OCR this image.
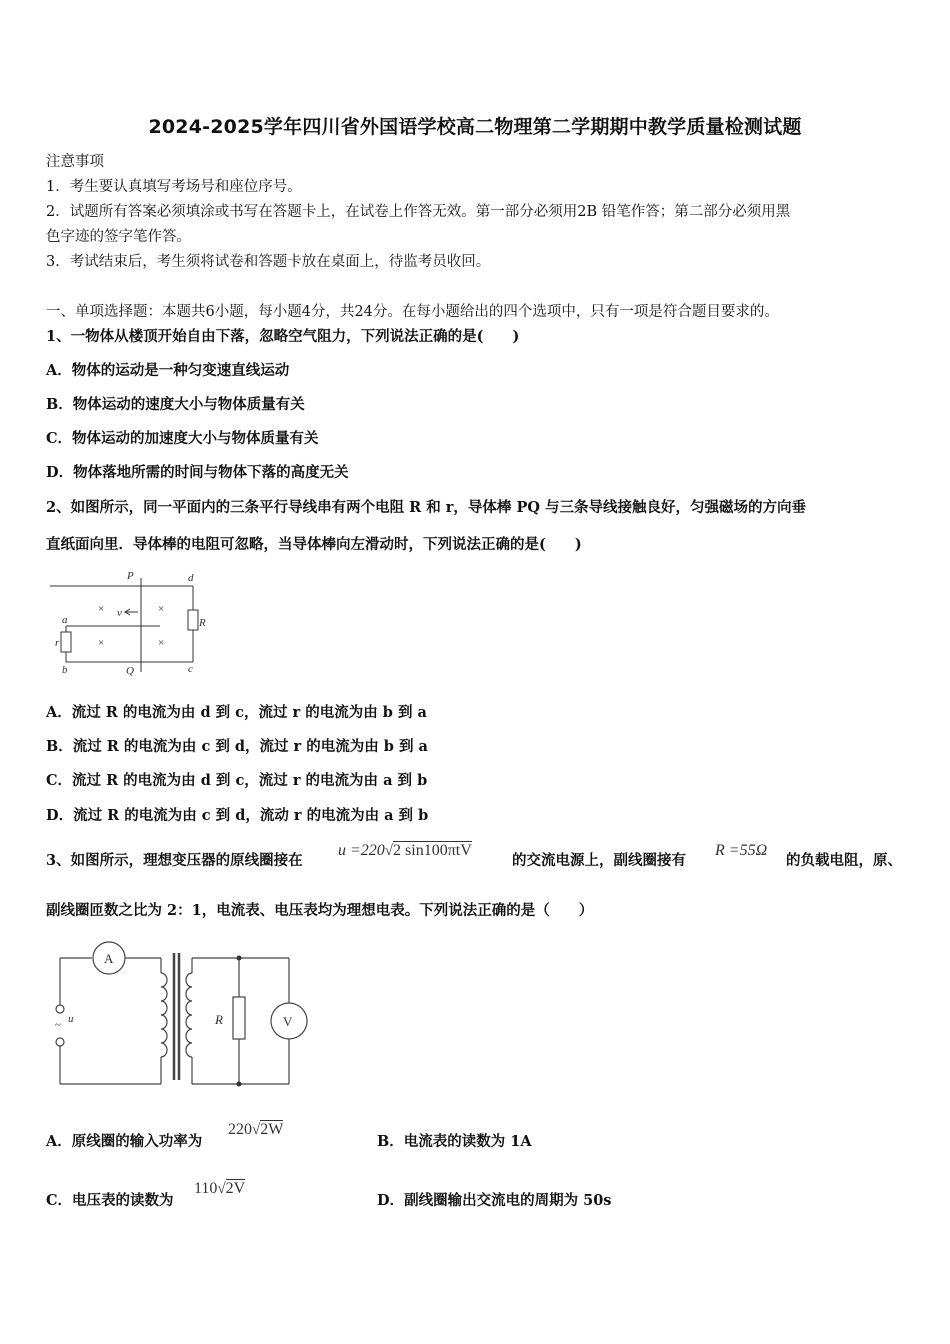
2024-2025学年四川省外国语学校高二物理第二学期期中教学质量检测试题
注意事项
1．考生要认真填写考场号和座位序号。
2．试题所有答案必须填涂或书写在答题卡上，在试卷上作答无效。第一部分必须用2B 铅笔作答；第二部分必须用黑
色字迹的签字笔作答。
3．考试结束后，考生须将试卷和答题卡放在桌面上，待监考员收回。
一、单项选择题：本题共6小题，每小题4分，共24分。在每小题给出的四个选项中，只有一项是符合题目要求的。
1、一物体从楼顶开始自由下落，忽略空气阻力，下列说法正确的是(　　)
A．物体的运动是一种匀变速直线运动
B．物体运动的速度大小与物体质量有关
C．物体运动的加速度大小与物体质量有关
D．物体落地所需的时间与物体下落的高度无关
2、如图所示，同一平面内的三条平行导线串有两个电阻 R 和 r，导体棒 PQ 与三条导线接触良好，匀强磁场的方向垂
直纸面向里．导体棒的电阻可忽略，当导体棒向左滑动时，下列说法正确的是(　　)
P	d
a
r
R
b	Q	c
v
×	×
×	×
A．流过 R 的电流为由 d 到 c，流过 r 的电流为由 b 到 a
B．流过 R 的电流为由 c 到 d，流过 r 的电流为由 b 到 a
C．流过 R 的电流为由 d 到 c，流过 r 的电流为由 a 到 b
D．流过 R 的电流为由 c 到 d，流动 r 的电流为由 a 到 b
3、如图所示，理想变压器的原线圈接在
u =220√2 sin100πtV
的交流电源上，副线圈接有
R =55Ω
的负载电阻，原、
副线圈匝数之比为 2：1，电流表、电压表均为理想电表。下列说法正确的是（　　）
A
V
R
u
~
A．原线圈的输入功率为
220√2W
B．电流表的读数为 1A
C．电压表的读数为
110√2V
D．副线圈输出交流电的周期为 50s
